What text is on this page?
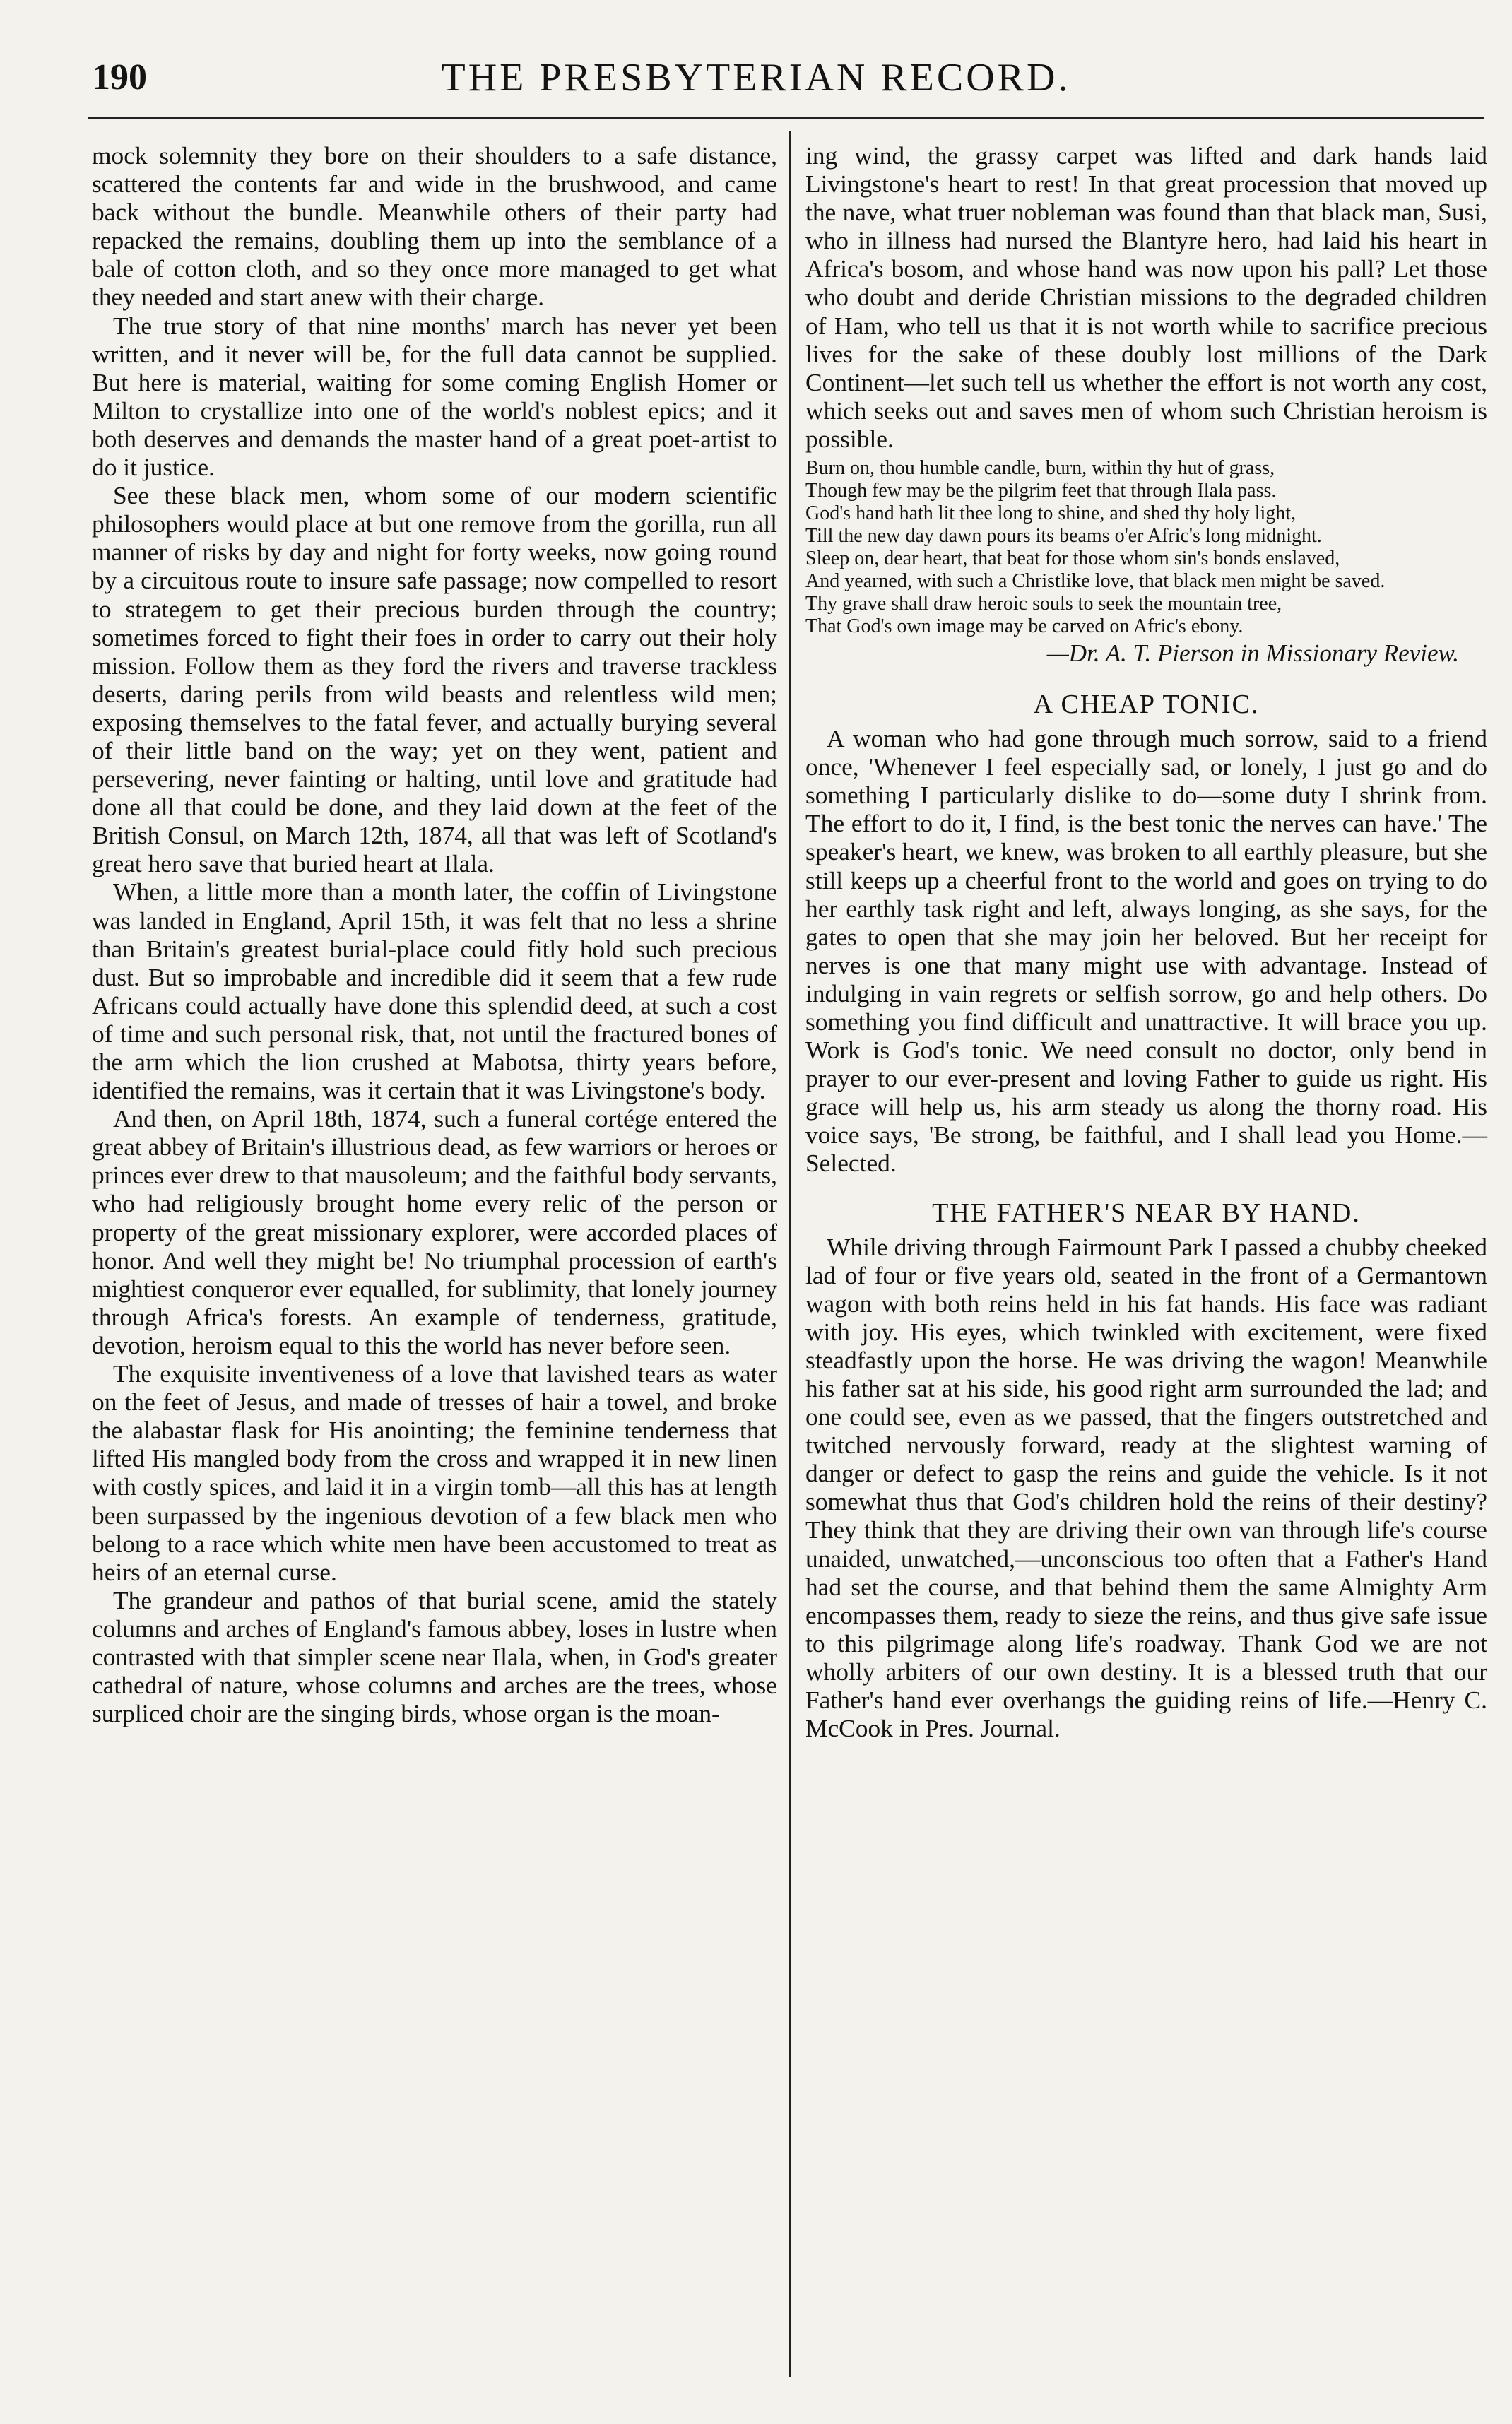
190	THE PRESBYTERIAN RECORD.

mock solemnity they bore on their shoulders to a safe distance, scattered the contents far and wide in the brushwood, and came back without the bundle. Meanwhile others of their party had repacked the remains, doubling them up into the semblance of a bale of cotton cloth, and so they once more managed to get what they needed and start anew with their charge.

The true story of that nine months' march has never yet been written, and it never will be, for the full data cannot be supplied. But here is material, waiting for some coming English Homer or Milton to crystallize into one of the world's noblest epics; and it both deserves and demands the master hand of a great poet-artist to do it justice.

See these black men, whom some of our modern scientific philosophers would place at but one remove from the gorilla, run all manner of risks by day and night for forty weeks, now going round by a circuitous route to insure safe passage; now compelled to resort to strategem to get their precious burden through the country; sometimes forced to fight their foes in order to carry out their holy mission. Follow them as they ford the rivers and traverse trackless deserts, daring perils from wild beasts and relentless wild men; exposing themselves to the fatal fever, and actually burying several of their little band on the way; yet on they went, patient and persevering, never fainting or halting, until love and gratitude had done all that could be done, and they laid down at the feet of the British Consul, on March 12th, 1874, all that was left of Scotland's great hero save that buried heart at Ilala.

When, a little more than a month later, the coffin of Livingstone was landed in England, April 15th, it was felt that no less a shrine than Britain's greatest burial-place could fitly hold such precious dust. But so improbable and incredible did it seem that a few rude Africans could actually have done this splendid deed, at such a cost of time and such personal risk, that, not until the fractured bones of the arm which the lion crushed at Mabotsa, thirty years before, identified the remains, was it certain that it was Livingstone's body.

And then, on April 18th, 1874, such a funeral cortége entered the great abbey of Britain's illustrious dead, as few warriors or heroes or princes ever drew to that mausoleum; and the faithful body servants, who had religiously brought home every relic of the person or property of the great missionary explorer, were accorded places of honor. And well they might be! No triumphal procession of earth's mightiest conqueror ever equalled, for sublimity, that lonely journey through Africa's forests. An example of tenderness, gratitude, devotion, heroism equal to this the world has never before seen.

The exquisite inventiveness of a love that lavished tears as water on the feet of Jesus, and made of tresses of hair a towel, and broke the alabastar flask for His anointing; the feminine tenderness that lifted His mangled body from the cross and wrapped it in new linen with costly spices, and laid it in a virgin tomb—all this has at length been surpassed by the ingenious devotion of a few black men who belong to a race which white men have been accustomed to treat as heirs of an eternal curse.

The grandeur and pathos of that burial scene, amid the stately columns and arches of England's famous abbey, loses in lustre when contrasted with that simpler scene near Ilala, when, in God's greater cathedral of nature, whose columns and arches are the trees, whose surpliced choir are the singing birds, whose organ is the moan-

ing wind, the grassy carpet was lifted and dark hands laid Livingstone's heart to rest! In that great procession that moved up the nave, what truer nobleman was found than that black man, Susi, who in illness had nursed the Blantyre hero, had laid his heart in Africa's bosom, and whose hand was now upon his pall? Let those who doubt and deride Christian missions to the degraded children of Ham, who tell us that it is not worth while to sacrifice precious lives for the sake of these doubly lost millions of the Dark Continent—let such tell us whether the effort is not worth any cost, which seeks out and saves men of whom such Christian heroism is possible.

Burn on, thou humble candle, burn, within thy hut of grass,
Though few may be the pilgrim feet that through Ilala pass.
God's hand hath lit thee long to shine, and shed thy holy light,
Till the new day dawn pours its beams o'er Afric's long midnight.
Sleep on, dear heart, that beat for those whom sin's bonds enslaved,
And yearned, with such a Christlike love, that black men might be saved.
Thy grave shall draw heroic souls to seek the mountain tree,
That God's own image may be carved on Afric's ebony.
—Dr. A. T. Pierson in Missionary Review.
A CHEAP TONIC.

A woman who had gone through much sorrow, said to a friend once, 'Whenever I feel especially sad, or lonely, I just go and do something I particularly dislike to do—some duty I shrink from. The effort to do it, I find, is the best tonic the nerves can have.' The speaker's heart, we knew, was broken to all earthly pleasure, but she still keeps up a cheerful front to the world and goes on trying to do her earthly task right and left, always longing, as she says, for the gates to open that she may join her beloved. But her receipt for nerves is one that many might use with advantage. Instead of indulging in vain regrets or selfish sorrow, go and help others. Do something you find difficult and unattractive. It will brace you up. Work is God's tonic. We need consult no doctor, only bend in prayer to our ever-present and loving Father to guide us right. His grace will help us, his arm steady us along the thorny road. His voice says, 'Be strong, be faithful, and I shall lead you Home.—Selected.

THE FATHER'S NEAR BY HAND.

While driving through Fairmount Park I passed a chubby cheeked lad of four or five years old, seated in the front of a Germantown wagon with both reins held in his fat hands. His face was radiant with joy. His eyes, which twinkled with excitement, were fixed steadfastly upon the horse. He was driving the wagon! Meanwhile his father sat at his side, his good right arm surrounded the lad; and one could see, even as we passed, that the fingers outstretched and twitched nervously forward, ready at the slightest warning of danger or defect to gasp the reins and guide the vehicle. Is it not somewhat thus that God's children hold the reins of their destiny? They think that they are driving their own van through life's course unaided, unwatched,—unconscious too often that a Father's Hand had set the course, and that behind them the same Almighty Arm encompasses them, ready to sieze the reins, and thus give safe issue to this pilgrimage along life's roadway. Thank God we are not wholly arbiters of our own destiny. It is a blessed truth that our Father's hand ever overhangs the guiding reins of life.—Henry C. McCook in Pres. Journal.
